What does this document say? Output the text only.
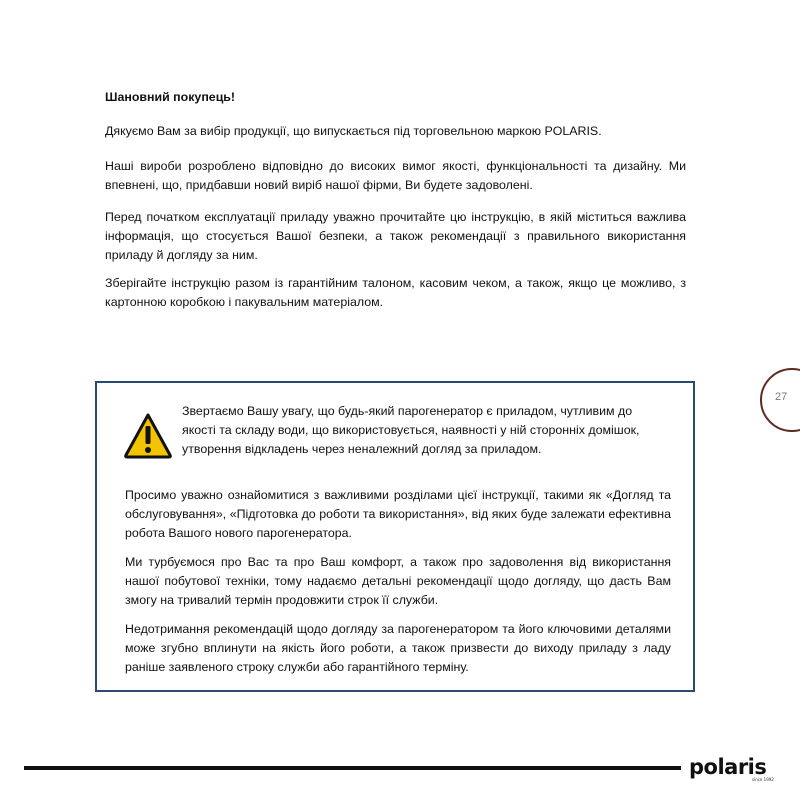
Шановний покупець!

Дякуємо Вам за вибір продукції, що випускається під торговельною маркою POLARIS.

Наші вироби розроблено відповідно до високих вимог якості, функціональності та дизайну. Ми впевнені, що, придбавши новий виріб нашої фірми, Ви будете задоволені.

Перед початком експлуатації приладу уважно прочитайте цю інструкцію, в якій міститься важлива інформація, що стосується Вашої безпеки, а також рекомендації з правильного використання приладу й догляду за ним.

Зберігайте інструкцію разом із гарантійним талоном, касовим чеком, а також, якщо це можливо, з картонною коробкою і пакувальним матеріалом.

Звертаємо Вашу увагу, що будь-який парогенератор є приладом, чутливим до якості та складу води, що використовується, наявності у ній сторонніх домішок, утворення відкладень через неналежний догляд за приладом.

Просимо уважно ознайомитися з важливими розділами цієї інструкції, такими як «Догляд та обслуговування», «Підготовка до роботи та використання», від яких буде залежати ефективна робота Вашого нового парогенератора.

Ми турбуємося про Вас та про Ваш комфорт, а також про задоволення від використання нашої побутової техніки, тому надаємо детальні рекомендації щодо догляду, що дасть Вам змогу на тривалий термін продовжити строк її служби.

Недотримання рекомендацій щодо догляду за парогенератором та його ключовими деталями може згубно вплинути на якість його роботи, а також призвести до виходу приладу з ладу раніше заявленого строку служби або гарантійного терміну.

27
polaris
since 1992
